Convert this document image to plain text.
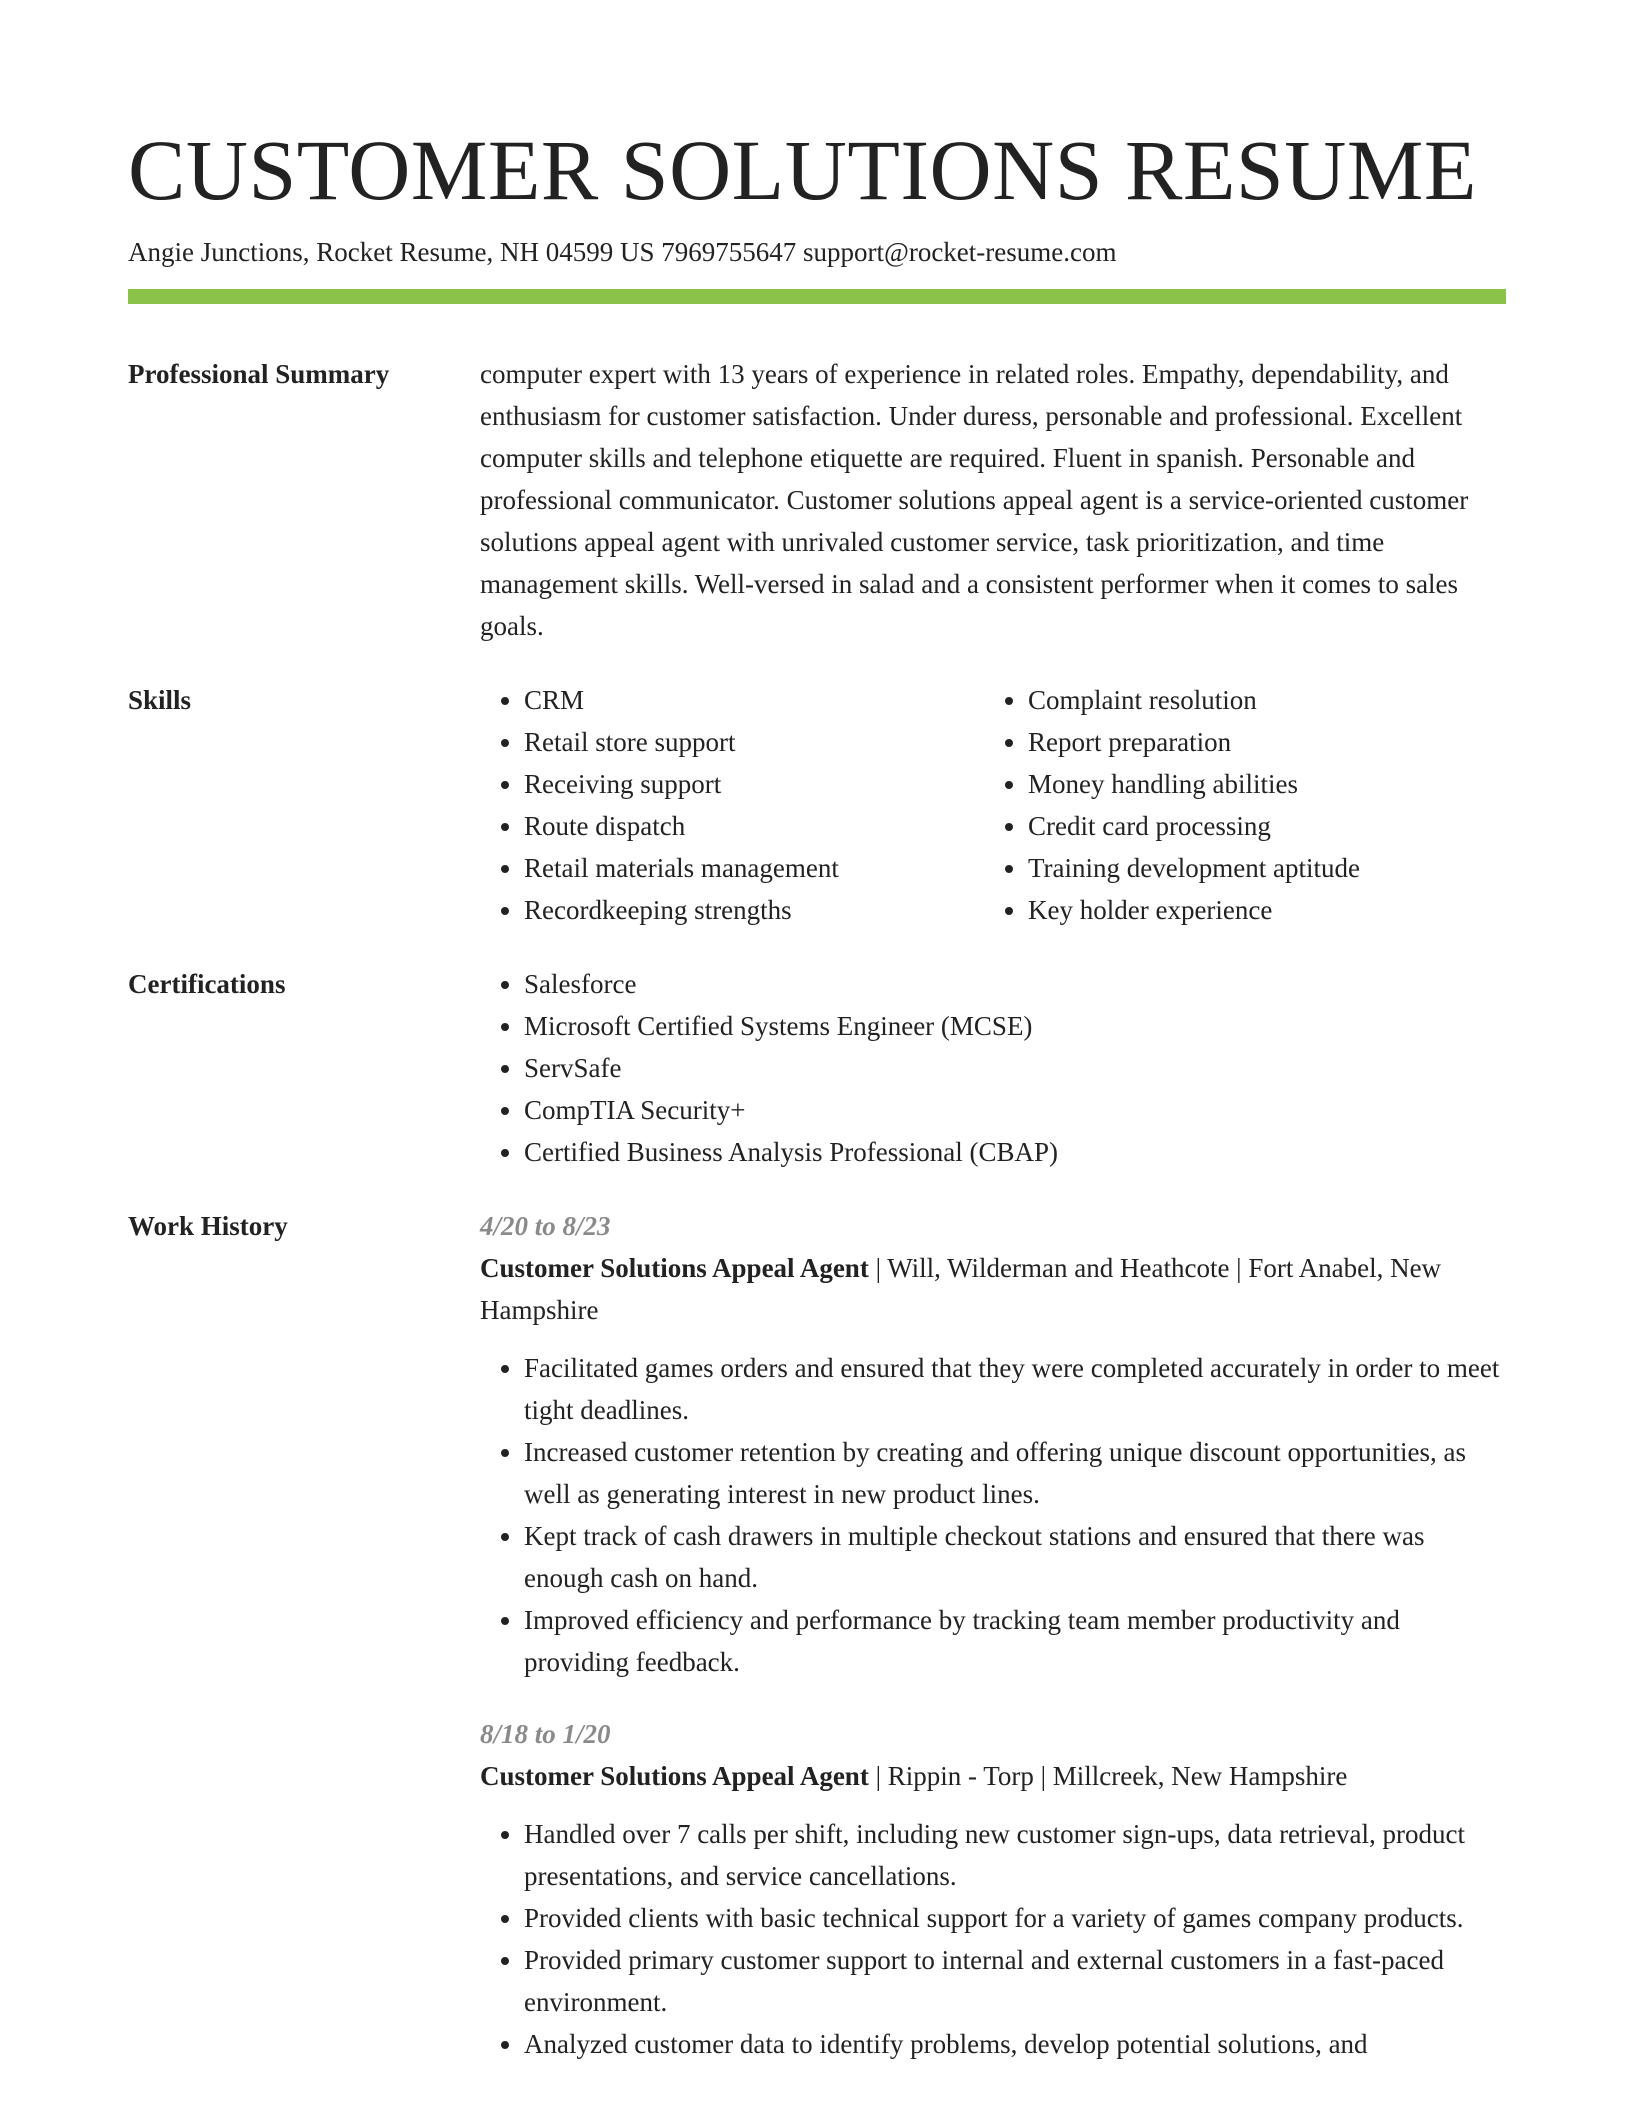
CUSTOMER SOLUTIONS RESUME
Angie Junctions, Rocket Resume, NH 04599 US 7969755647 support@rocket-resume.com
Professional Summary	computer expert with 13 years of experience in related roles. Empathy, dependability, and enthusiasm for customer satisfaction. Under duress, personable and professional. Excellent computer skills and telephone etiquette are required. Fluent in spanish. Personable and professional communicator. Customer solutions appeal agent is a service-oriented customer solutions appeal agent with unrivaled customer service, task prioritization, and time management skills. Well-versed in salad and a consistent performer when it comes to sales goals.

Skills	• CRM
• Retail store support
• Receiving support
• Route dispatch
• Retail materials management
• Recordkeeping strengths
• Complaint resolution
• Report preparation
• Money handling abilities
• Credit card processing
• Training development aptitude
• Key holder experience
Certifications	• Salesforce
• Microsoft Certified Systems Engineer (MCSE)
• ServSafe
• CompTIA Security+
• Certified Business Analysis Professional (CBAP)
Work History	4/20 to 8/23
Customer Solutions Appeal Agent | Will, Wilderman and Heathcote | Fort Anabel, New Hampshire
• Facilitated games orders and ensured that they were completed accurately in order to meet tight deadlines.
• Increased customer retention by creating and offering unique discount opportunities, as well as generating interest in new product lines.
• Kept track of cash drawers in multiple checkout stations and ensured that there was enough cash on hand.
• Improved efficiency and performance by tracking team member productivity and providing feedback.
8/18 to 1/20
Customer Solutions Appeal Agent | Rippin - Torp | Millcreek, New Hampshire
• Handled over 7 calls per shift, including new customer sign-ups, data retrieval, product presentations, and service cancellations.
• Provided clients with basic technical support for a variety of games company products.
• Provided primary customer support to internal and external customers in a fast-paced environment.
• Analyzed customer data to identify problems, develop potential solutions, and
